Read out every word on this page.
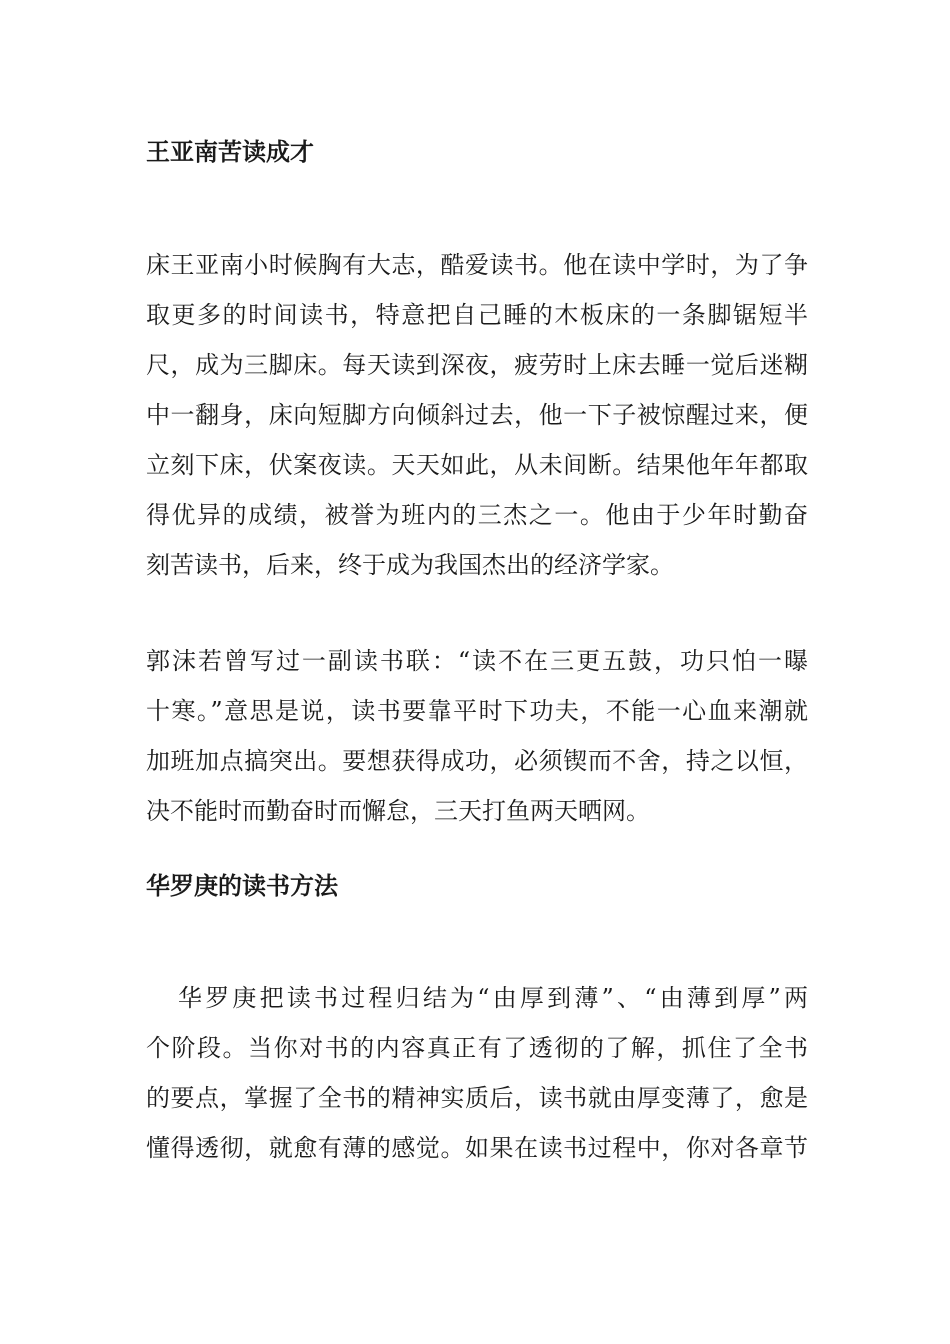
王亚南苦读成才
床王亚南小时候胸有大志，酷爱读书。他在读中学时，为了争
取更多的时间读书，特意把自己睡的木板床的一条脚锯短半
尺，成为三脚床。每天读到深夜，疲劳时上床去睡一觉后迷糊
中一翻身，床向短脚方向倾斜过去，他一下子被惊醒过来，便
立刻下床，伏案夜读。天天如此，从未间断。结果他年年都取
得优异的成绩，被誉为班内的三杰之一。他由于少年时勤奋
刻苦读书，后来，终于成为我国杰出的经济学家。
郭沫若曾写过一副读书联：“读不在三更五鼓，功只怕一曝
十寒。”意思是说，读书要靠平时下功夫，不能一心血来潮就
加班加点搞突出。要想获得成功，必须锲而不舍，持之以恒，
决不能时而勤奋时而懈怠，三天打鱼两天晒网。
华罗庚的读书方法
华罗庚把读书过程归结为“由厚到薄”、“由薄到厚”两
个阶段。当你对书的内容真正有了透彻的了解，抓住了全书
的要点，掌握了全书的精神实质后，读书就由厚变薄了，愈是
懂得透彻，就愈有薄的感觉。如果在读书过程中，你对各章节
